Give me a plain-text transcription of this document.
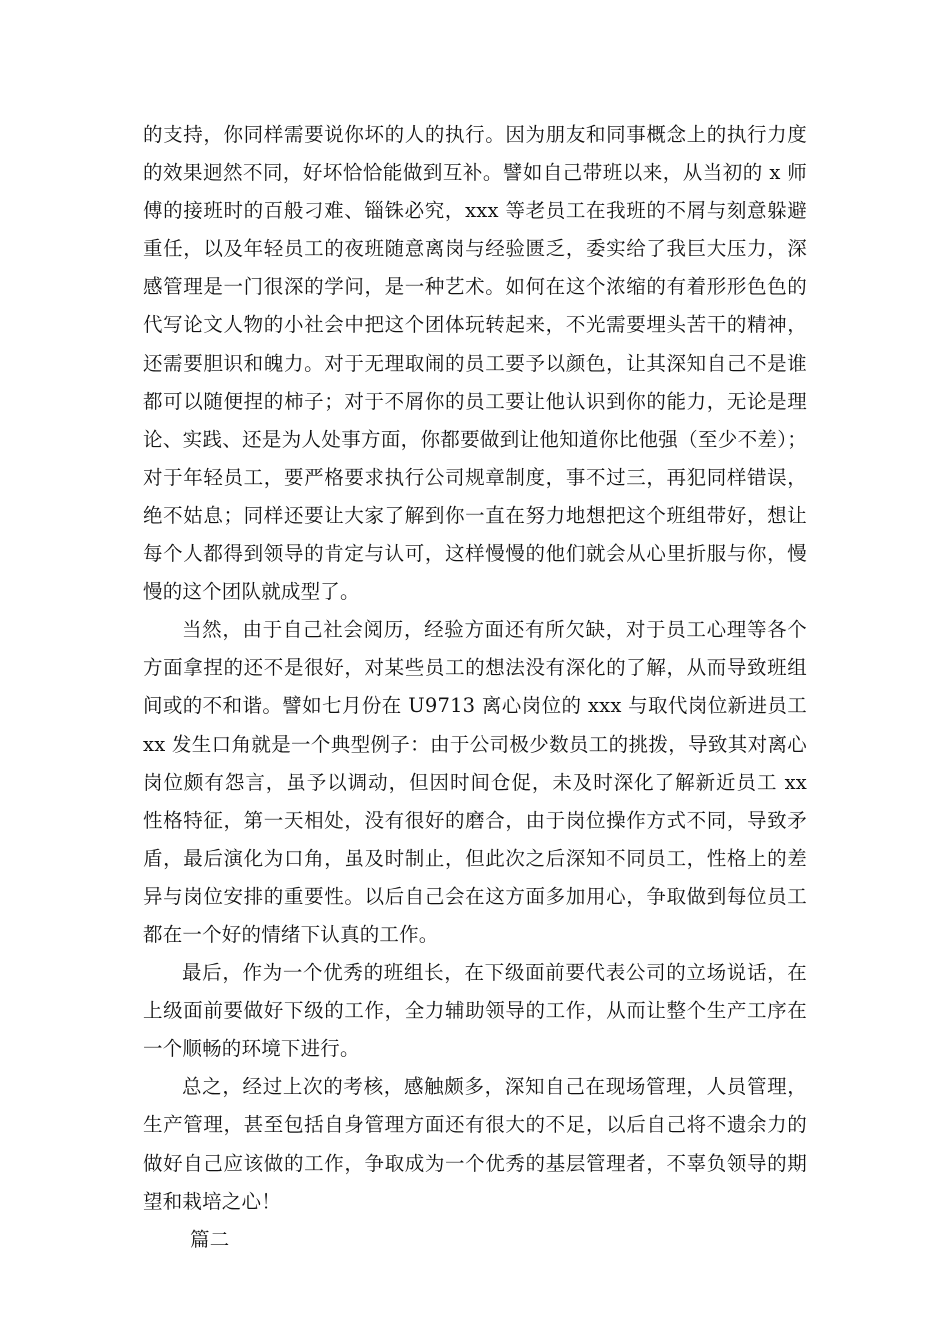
的支持，你同样需要说你坏的人的执行。因为朋友和同事概念上的执行力度的效果迥然不同，好坏恰恰能做到互补。譬如自己带班以来，从当初的 x 师傅的接班时的百般刁难、锱铢必究，xxx 等老员工在我班的不屑与刻意躲避重任，以及年轻员工的夜班随意离岗与经验匮乏，委实给了我巨大压力，深感管理是一门很深的学问，是一种艺术。如何在这个浓缩的有着形形色色的代写论文人物的小社会中把这个团体玩转起来，不光需要埋头苦干的精神，还需要胆识和魄力。对于无理取闹的员工要予以颜色，让其深知自己不是谁都可以随便捏的柿子；对于不屑你的员工要让他认识到你的能力，无论是理论、实践、还是为人处事方面，你都要做到让他知道你比他强（至少不差）；对于年轻员工，要严格要求执行公司规章制度，事不过三，再犯同样错误，绝不姑息；同样还要让大家了解到你一直在努力地想把这个班组带好，想让每个人都得到领导的肯定与认可，这样慢慢的他们就会从心里折服与你，慢慢的这个团队就成型了。

当然，由于自己社会阅历，经验方面还有所欠缺，对于员工心理等各个方面拿捏的还不是很好，对某些员工的想法没有深化的了解，从而导致班组间或的不和谐。譬如七月份在 U9713 离心岗位的 xxx 与取代岗位新进员工 xx 发生口角就是一个典型例子：由于公司极少数员工的挑拨，导致其对离心岗位颇有怨言，虽予以调动，但因时间仓促，未及时深化了解新近员工 xx 性格特征，第一天相处，没有很好的磨合，由于岗位操作方式不同，导致矛盾，最后演化为口角，虽及时制止，但此次之后深知不同员工，性格上的差异与岗位安排的重要性。以后自己会在这方面多加用心，争取做到每位员工都在一个好的情绪下认真的工作。

最后，作为一个优秀的班组长，在下级面前要代表公司的立场说话，在上级面前要做好下级的工作，全力辅助领导的工作，从而让整个生产工序在一个顺畅的环境下进行。

总之，经过上次的考核，感触颇多，深知自己在现场管理，人员管理，生产管理，甚至包括自身管理方面还有很大的不足，以后自己将不遗余力的做好自己应该做的工作，争取成为一个优秀的基层管理者，不辜负领导的期望和栽培之心！

篇二
